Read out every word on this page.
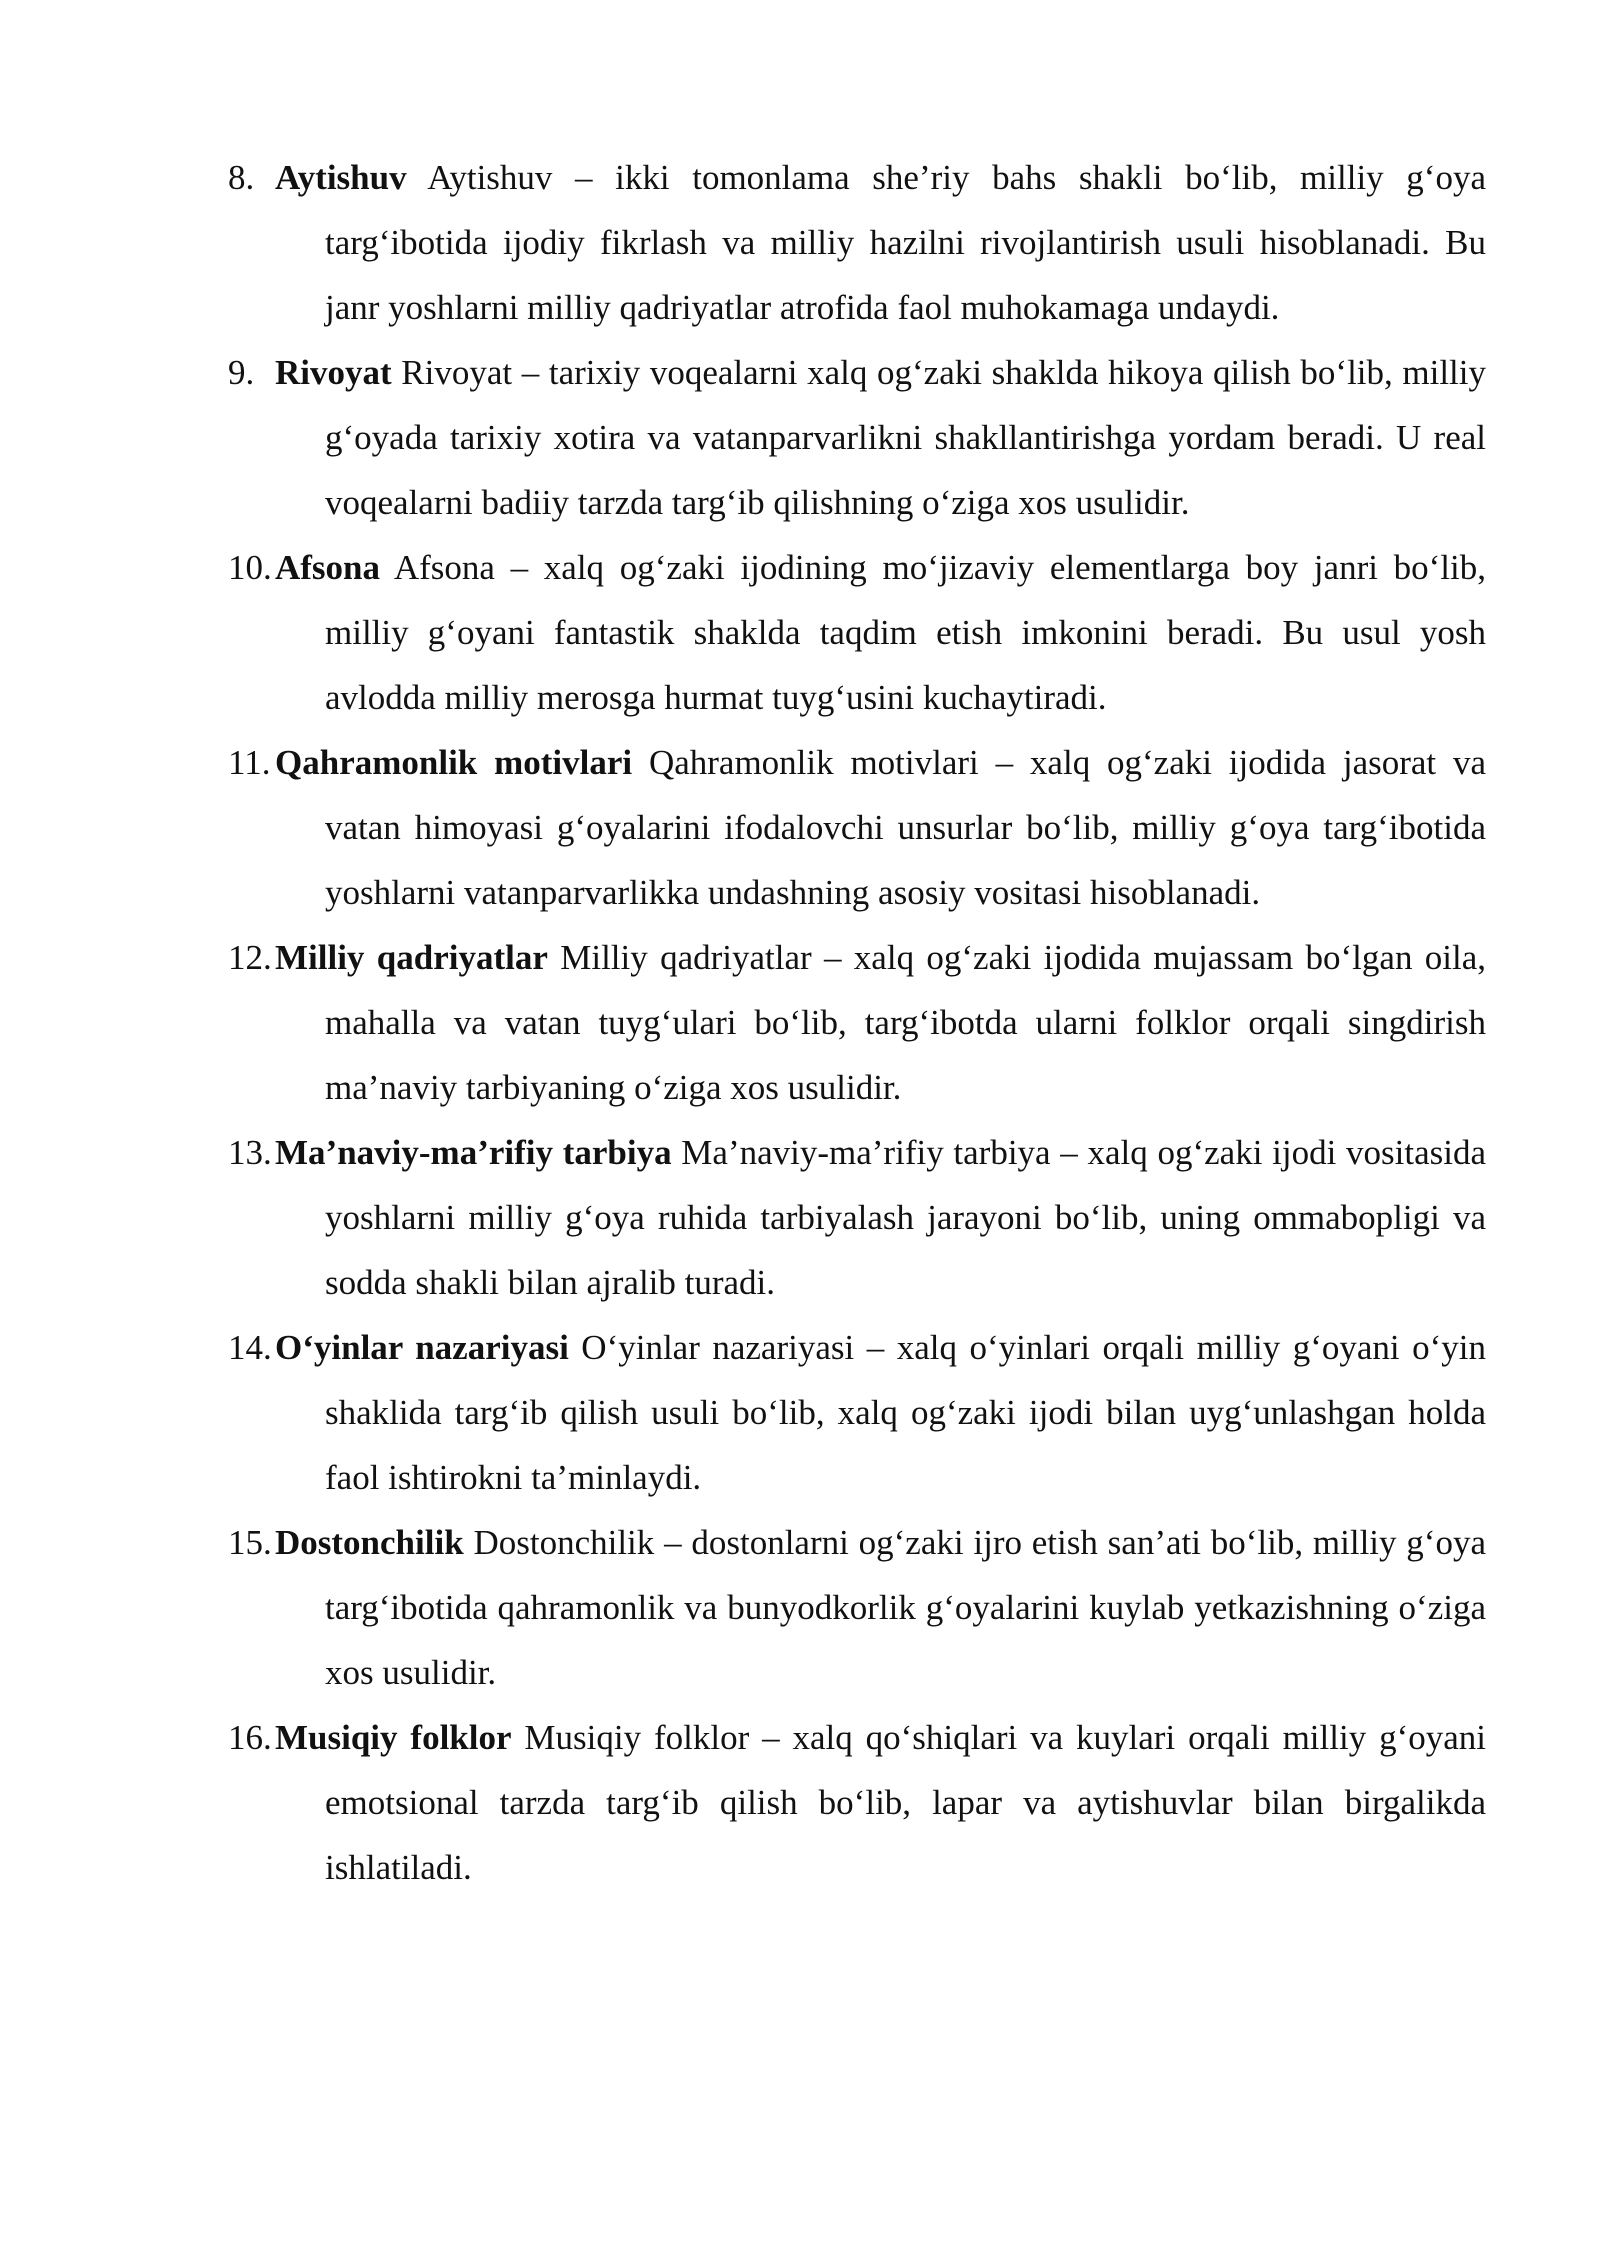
8. Aytishuv Aytishuv – ikki tomonlama she’riy bahs shakli bo‘lib, milliy g‘oya targ‘ibotida ijodiy fikrlash va milliy hazilni rivojlantirish usuli hisoblanadi. Bu janr yoshlarni milliy qadriyatlar atrofida faol muhokamaga undaydi.
9. Rivoyat Rivoyat – tarixiy voqealarni xalq og‘zaki shaklda hikoya qilish bo‘lib, milliy g‘oyada tarixiy xotira va vatanparvarlikni shakllantirishga yordam beradi. U real voqealarni badiiy tarzda targ‘ib qilishning o‘ziga xos usulidir.
10. Afsona Afsona – xalq og‘zaki ijodining mo‘jizaviy elementlarga boy janri bo‘lib, milliy g‘oyani fantastik shaklda taqdim etish imkonini beradi. Bu usul yosh avlodda milliy merosga hurmat tuyg‘usini kuchaytiradi.
11. Qahramonlik motivlari Qahramonlik motivlari – xalq og‘zaki ijodida jasorat va vatan himoyasi g‘oyalarini ifodalovchi unsurlar bo‘lib, milliy g‘oya targ‘ibotida yoshlarni vatanparvarlikka undashning asosiy vositasi hisoblanadi.
12. Milliy qadriyatlar Milliy qadriyatlar – xalq og‘zaki ijodida mujassam bo‘lgan oila, mahalla va vatan tuyg‘ulari bo‘lib, targ‘ibotda ularni folklor orqali singdirish ma’naviy tarbiyaning o‘ziga xos usulidir.
13. Ma’naviy-ma’rifiy tarbiya Ma’naviy-ma’rifiy tarbiya – xalq og‘zaki ijodi vositasida yoshlarni milliy g‘oya ruhida tarbiyalash jarayoni bo‘lib, uning ommabopligi va sodda shakli bilan ajralib turadi.
14. O‘yinlar nazariyasi O‘yinlar nazariyasi – xalq o‘yinlari orqali milliy g‘oyani o‘yin shaklida targ‘ib qilish usuli bo‘lib, xalq og‘zaki ijodi bilan uyg‘unlashgan holda faol ishtirokni ta’minlaydi.
15. Dostonchilik Dostonchilik – dostonlarni og‘zaki ijro etish san’ati bo‘lib, milliy g‘oya targ‘ibotida qahramonlik va bunyodkorlik g‘oyalarini kuylab yetkazishning o‘ziga xos usulidir.
16. Musiqiy folklor Musiqiy folklor – xalq qo‘shiqlari va kuylari orqali milliy g‘oyani emotsional tarzda targ‘ib qilish bo‘lib, lapar va aytishuvlar bilan birgalikda ishlatiladi.
